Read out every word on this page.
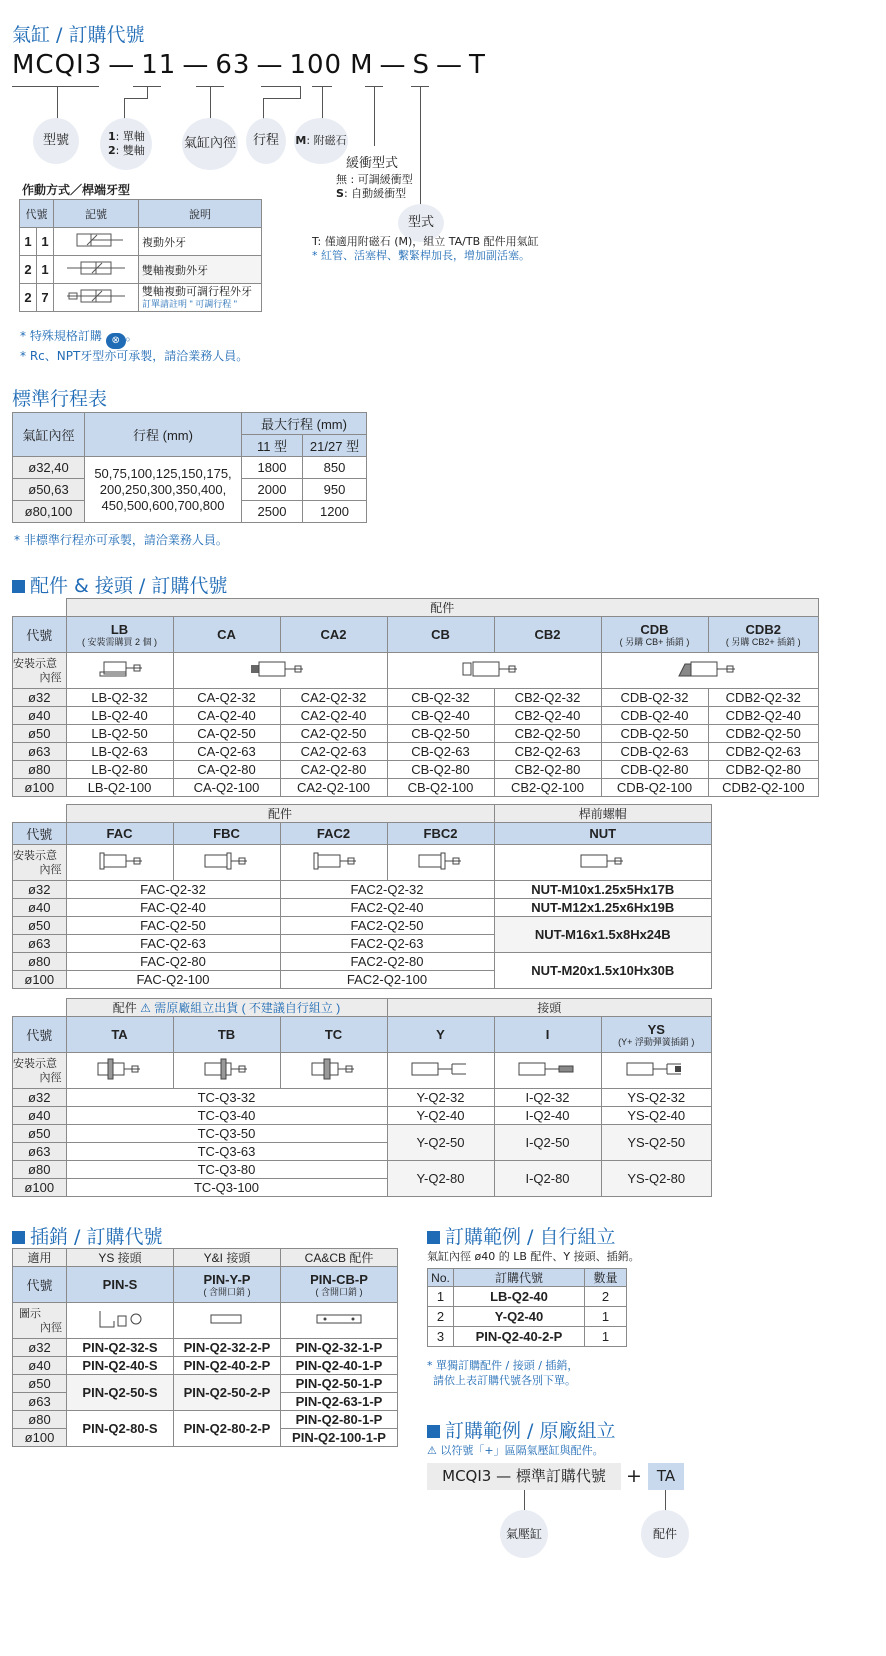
氣缸 / 訂購代號
MCQI3 — 11 — 63 — 100 M — S — T
型號	1: 單軸
2: 雙軸	氣缸內徑	行程	M: 附磁石
緩衝型式
無 : 可調緩衝型
S: 自動緩衝型
型式
T: 僅適用附磁石 (M)，組立 TA/TB 配件用氣缸
* 紅管、活塞桿、繫緊桿加長，增加副活塞。
作動方式／桿端牙型
代號		記號	說明
1	1		複動外牙
2	1		雙軸複動外牙
2	7		雙軸複動可調行程外牙
訂單請註明 " 可調行程 "
* 特殊規格訂購 ⊗ 。
* Rc、NPT牙型亦可承製，請洽業務人員。
標準行程表
氣缸內徑	行程 (mm)	最大行程 (mm)	
		11 型	21/27 型
ø32,40	50,75,100,125,150,175,
200,250,300,350,400,
450,500,600,700,800	1800	850
ø50,63		2000	950
ø80,100		2500	1200
* 非標準行程亦可承製，請洽業務人員。
配件 & 接頭 / 訂購代號
	配件						
代號	LB
( 安裝需購買 2 個 )	CA	CA2	CB	CB2	CDB
( 另購 CB+ 插銷 )	CDB2
( 另購 CB2+ 插銷 )

安裝示意
內徑

ø32	LB-Q2-32	CA-Q2-32	CA2-Q2-32	CB-Q2-32	CB2-Q2-32	CDB-Q2-32	CDB2-Q2-32
ø40	LB-Q2-40	CA-Q2-40	CA2-Q2-40	CB-Q2-40	CB2-Q2-40	CDB-Q2-40	CDB2-Q2-40
ø50	LB-Q2-50	CA-Q2-50	CA2-Q2-50	CB-Q2-50	CB2-Q2-50	CDB-Q2-50	CDB2-Q2-50
ø63	LB-Q2-63	CA-Q2-63	CA2-Q2-63	CB-Q2-63	CB2-Q2-63	CDB-Q2-63	CDB2-Q2-63
ø80	LB-Q2-80	CA-Q2-80	CA2-Q2-80	CB-Q2-80	CB2-Q2-80	CDB-Q2-80	CDB2-Q2-80
ø100	LB-Q2-100	CA-Q2-100	CA2-Q2-100	CB-Q2-100	CB2-Q2-100	CDB-Q2-100	CDB2-Q2-100
	配件				桿前螺帽
代號	FAC	FBC	FAC2	FBC2	NUT

安裝示意
內徑

ø32	FAC-Q2-32		FAC2-Q2-32		NUT-M10x1.25x5Hx17B
ø40	FAC-Q2-40		FAC2-Q2-40		NUT-M12x1.25x6Hx19B
ø50	FAC-Q2-50		FAC2-Q2-50		NUT-M16x1.5x8Hx24B
ø63	FAC-Q2-63		FAC2-Q2-63		
ø80	FAC-Q2-80		FAC2-Q2-80		NUT-M20x1.5x10Hx30B
ø100	FAC-Q2-100		FAC2-Q2-100		
	配件 ⚠ 需原廠組立出貨 ( 不建議自行組立 )			接頭		
代號	TA	TB	TC	Y	I	YS
(Y+ 浮動彈簧插銷 )

安裝示意
內徑

ø32	TC-Q3-32			Y-Q2-32	I-Q2-32	YS-Q2-32
ø40	TC-Q3-40			Y-Q2-40	I-Q2-40	YS-Q2-40
ø50	TC-Q3-50			Y-Q2-50	I-Q2-50	YS-Q2-50
ø63	TC-Q3-63					
ø80	TC-Q3-80			Y-Q2-80	I-Q2-80	YS-Q2-80
ø100	TC-Q3-100					
插銷 / 訂購代號
適用	YS 接頭	Y&I 接頭	CA&CB 配件
代號	PIN-S	PIN-Y-P
( 含開口銷 )	PIN-CB-P
( 含開口銷 )

圖示
內徑

ø32	PIN-Q2-32-S	PIN-Q2-32-2-P	PIN-Q2-32-1-P
ø40	PIN-Q2-40-S	PIN-Q2-40-2-P	PIN-Q2-40-1-P
ø50	PIN-Q2-50-S	PIN-Q2-50-2-P	PIN-Q2-50-1-P
ø63			PIN-Q2-63-1-P
ø80	PIN-Q2-80-S	PIN-Q2-80-2-P	PIN-Q2-80-1-P
ø100			PIN-Q2-100-1-P
訂購範例 / 自行組立
氣缸內徑 ø40 的 LB 配件、Y 接頭、插銷。
No.	訂購代號	數量
1	LB-Q2-40	2
2	Y-Q2-40	1
3	PIN-Q2-40-2-P	1
* 單獨訂購配件 / 接頭 / 插銷，
請依上表訂購代號各別下單。
訂購範例 / 原廠組立
⚠ 以符號「+」區隔氣壓缸與配件。
MCQI3 — 標準訂購代號	+ TA
氣壓缸	配件
